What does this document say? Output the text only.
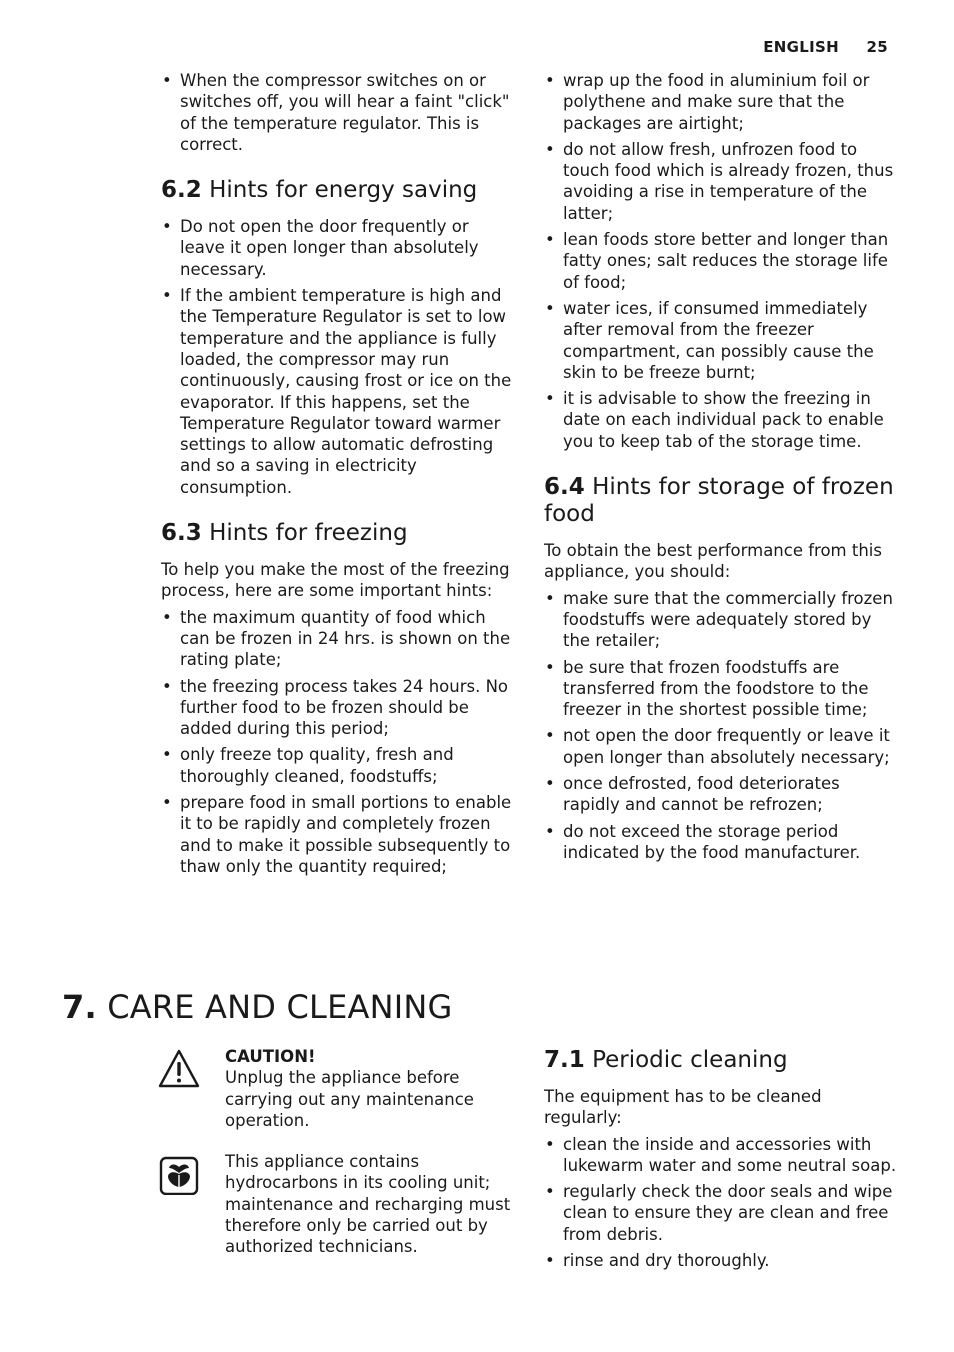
ENGLISH 25
• When the compressor switches on or switches off, you will hear a faint "click" of the temperature regulator. This is correct.
6.2 Hints for energy saving
• Do not open the door frequently or leave it open longer than absolutely necessary.
• If the ambient temperature is high and the Temperature Regulator is set to low temperature and the appliance is fully loaded, the compressor may run continuously, causing frost or ice on the evaporator. If this happens, set the Temperature Regulator toward warmer settings to allow automatic defrosting and so a saving in electricity consumption.
6.3 Hints for freezing

To help you make the most of the freezing process, here are some important hints:

• the maximum quantity of food which can be frozen in 24 hrs. is shown on the rating plate;
• the freezing process takes 24 hours. No further food to be frozen should be added during this period;
• only freeze top quality, fresh and thoroughly cleaned, foodstuffs;
• prepare food in small portions to enable it to be rapidly and completely frozen and to make it possible subsequently to thaw only the quantity required;
• wrap up the food in aluminium foil or polythene and make sure that the packages are airtight;
• do not allow fresh, unfrozen food to touch food which is already frozen, thus avoiding a rise in temperature of the latter;
• lean foods store better and longer than fatty ones; salt reduces the storage life of food;
• water ices, if consumed immediately after removal from the freezer compartment, can possibly cause the skin to be freeze burnt;
• it is advisable to show the freezing in date on each individual pack to enable you to keep tab of the storage time.
6.4 Hints for storage of frozen food

To obtain the best performance from this appliance, you should:

• make sure that the commercially frozen foodstuffs were adequately stored by the retailer;
• be sure that frozen foodstuffs are transferred from the foodstore to the freezer in the shortest possible time;
• not open the door frequently or leave it open longer than absolutely necessary;
• once defrosted, food deteriorates rapidly and cannot be refrozen;
• do not exceed the storage period indicated by the food manufacturer.
7. CARE AND CLEANING
CAUTION!
Unplug the appliance before carrying out any maintenance operation.
This appliance contains hydrocarbons in its cooling unit; maintenance and recharging must therefore only be carried out by authorized technicians.
7.1 Periodic cleaning

The equipment has to be cleaned regularly:

• clean the inside and accessories with lukewarm water and some neutral soap.
• regularly check the door seals and wipe clean to ensure they are clean and free from debris.
• rinse and dry thoroughly.
